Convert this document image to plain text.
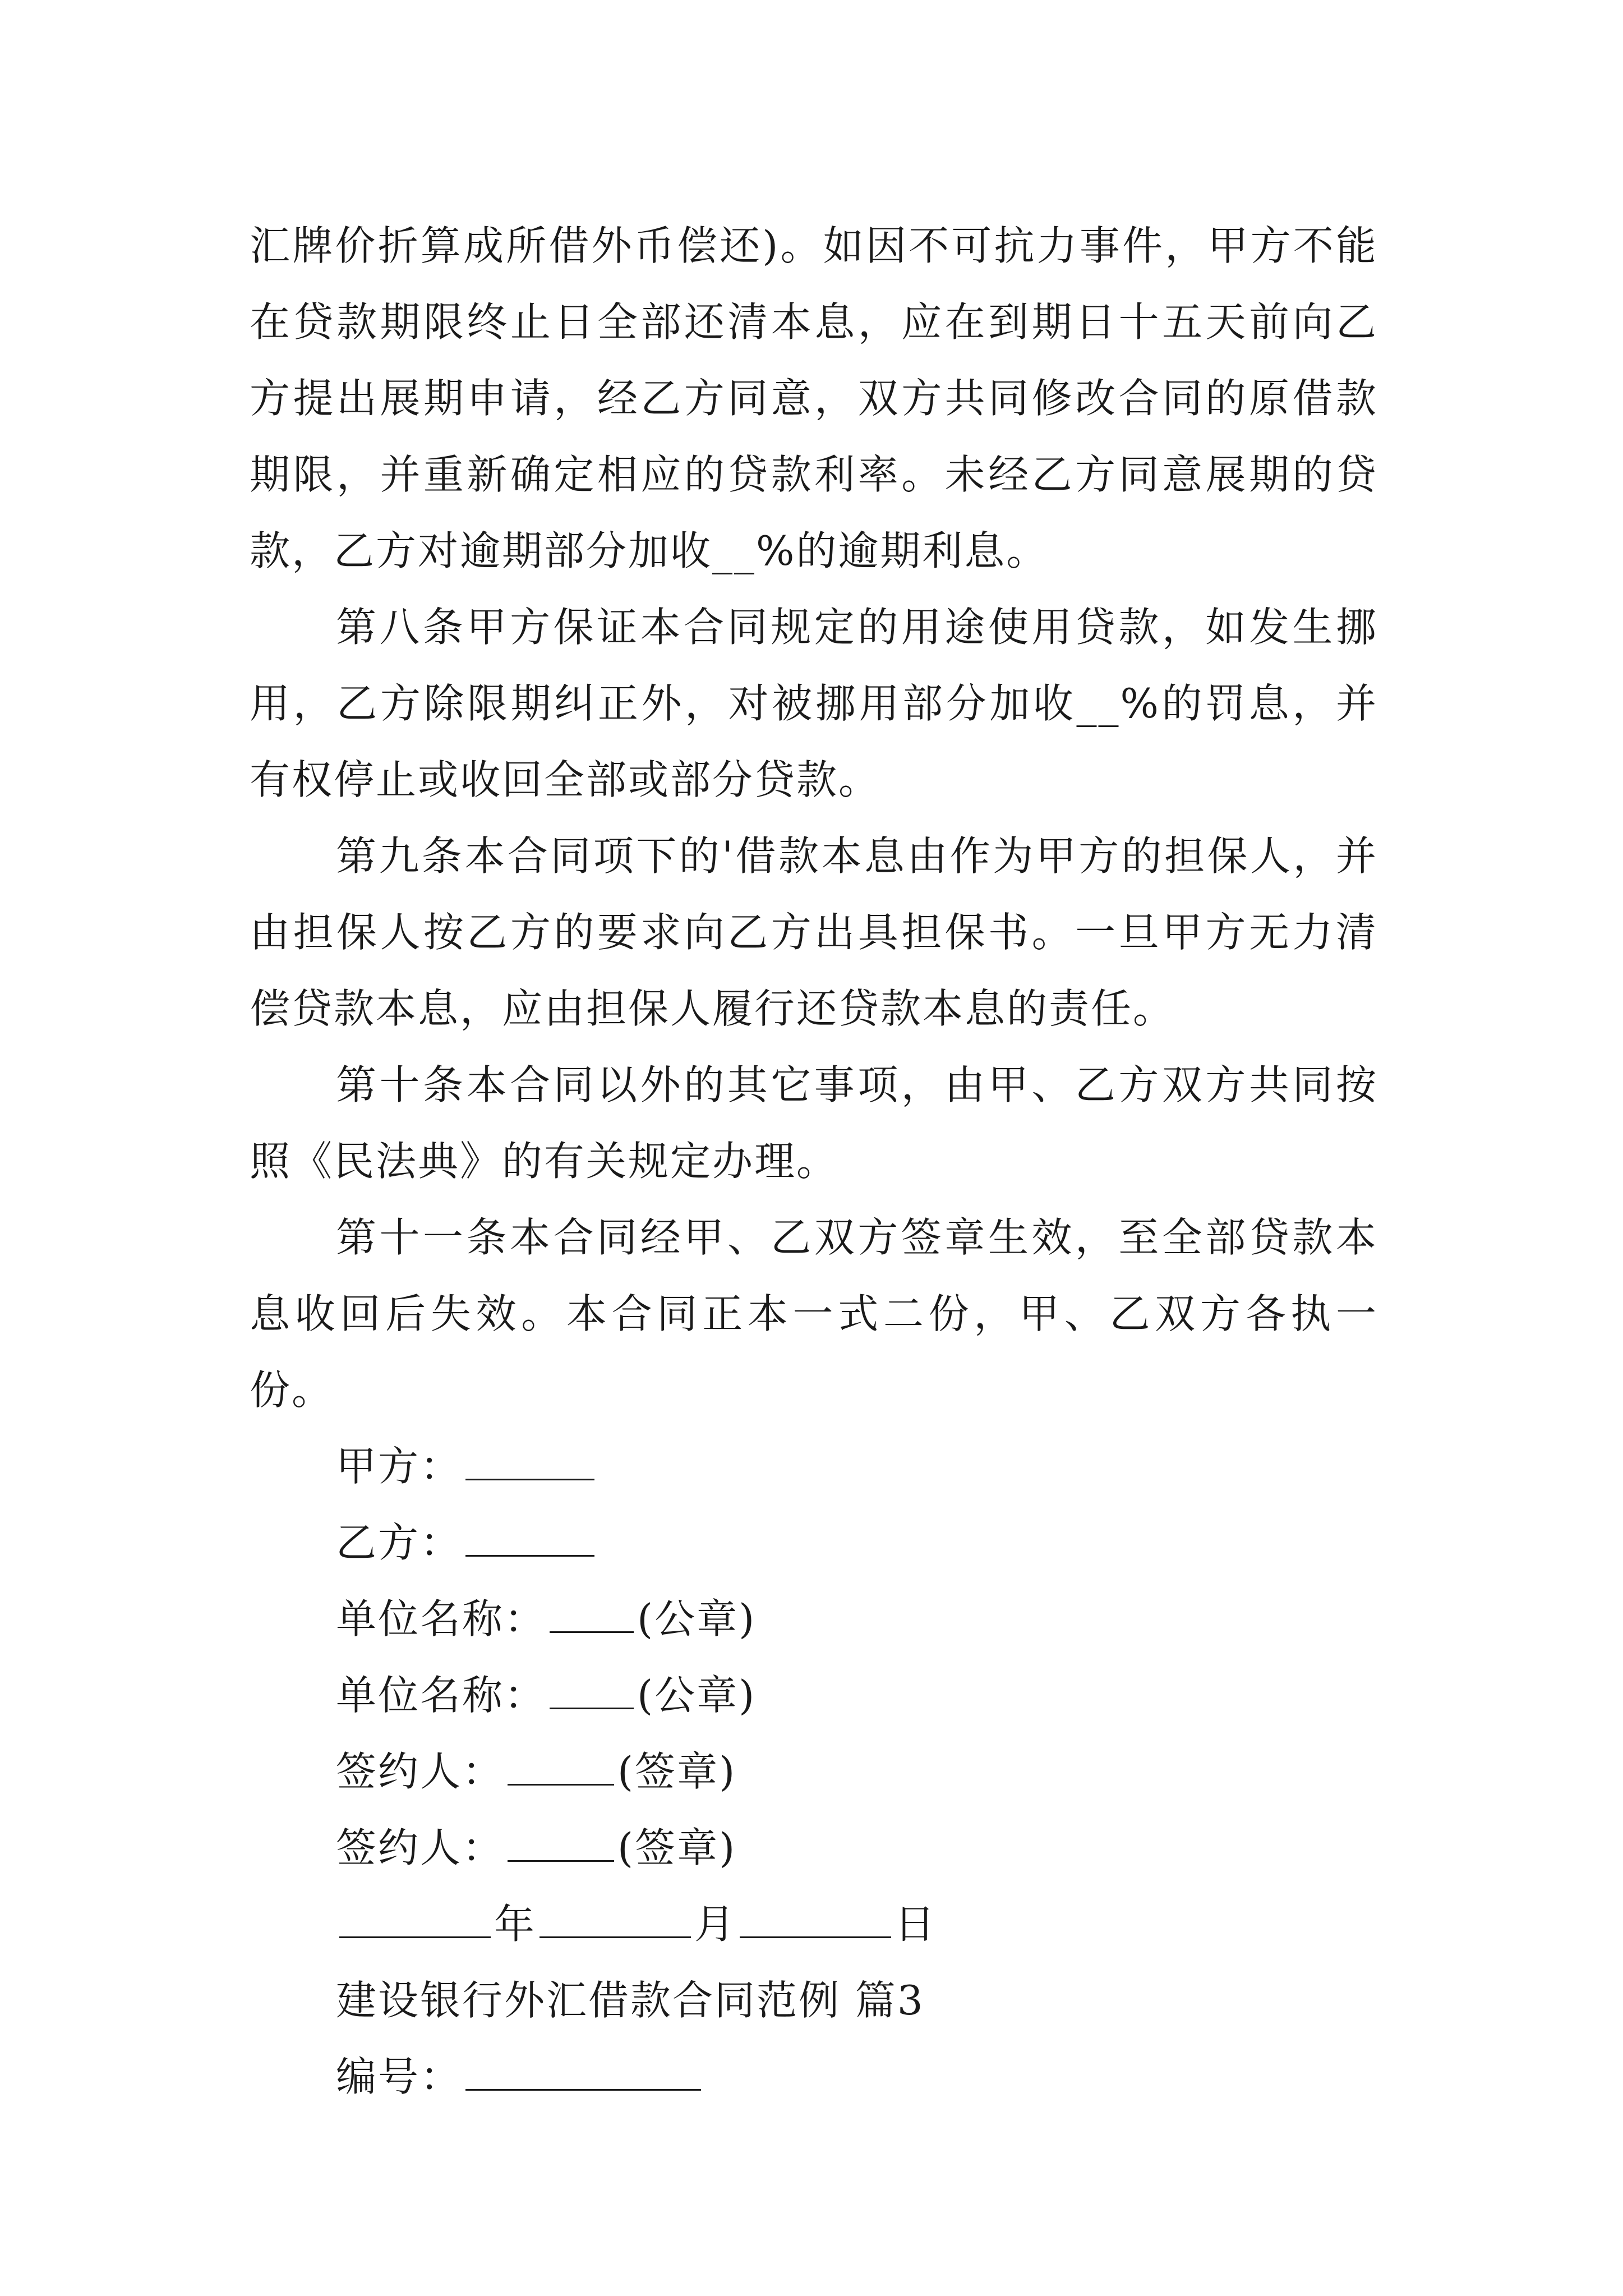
汇牌价折算成所借外币偿还)。如因不可抗力事件，甲方不能在贷款期限终止日全部还清本息，应在到期日十五天前向乙方提出展期申请，经乙方同意，双方共同修改合同的原借款期限，并重新确定相应的贷款利率。未经乙方同意展期的贷款，乙方对逾期部分加收__%的逾期利息。

第八条甲方保证本合同规定的用途使用贷款，如发生挪用，乙方除限期纠正外，对被挪用部分加收__%的罚息，并有权停止或收回全部或部分贷款。

第九条本合同项下的'借款本息由作为甲方的担保人，并由担保人按乙方的要求向乙方出具担保书。一旦甲方无力清偿贷款本息，应由担保人履行还贷款本息的责任。

第十条本合同以外的其它事项，由甲、乙方双方共同按照《民法典》的有关规定办理。

第十一条本合同经甲、乙双方签章生效，至全部贷款本息收回后失效。本合同正本一式二份，甲、乙双方各执一份。

甲方：

乙方：

单位名称： (公章)

单位名称： (公章)

签约人：	(签章)

签约人：	(签章)

年	月	日

建设银行外汇借款合同范例 篇3

编号：
